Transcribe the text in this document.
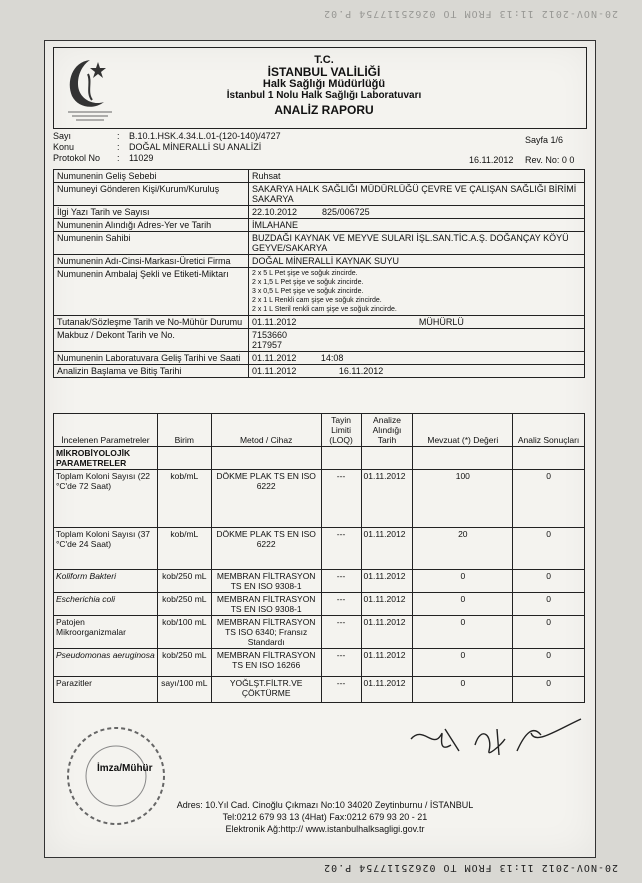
20-NOV-2012 11:13 FROM TO 02625117754 P.02
T.C.
İSTANBUL VALİLİĞİ
Halk Sağlığı Müdürlüğü
İstanbul 1 Nolu Halk Sağlığı Laboratuvarı
ANALİZ RAPORU
Sayı	: B.10.1.HSK.4.34.L.01-(120-140)/4727
Konu	: DOĞAL MİNERALLİ SU ANALİZİ
Protokol No	: 11029	16.11.2012
Sayfa 1/6
Rev. No: 0 0
Numunenin Geliş Sebebi	Ruhsat
Numuneyi Gönderen Kişi/Kurum/Kuruluş	SAKARYA HALK SAĞLIĞI MÜDÜRLÜĞÜ ÇEVRE VE ÇALIŞAN SAĞLIĞI BİRİMİ SAKARYA
İlgi Yazı Tarih ve Sayısı	22.10.2012          825/006725
Numunenin Alındığı Adres-Yer ve Tarih	İMLAHANE
Numunenin Sahibi	BUZDAĞI KAYNAK VE MEYVE SULARI İŞL.SAN.TİC.A.Ş. DOĞANÇAY KÖYÜ GEYVE/SAKARYA
Numunenin Adı-Cinsi-Markası-Üretici Firma	DOĞAL MİNERALLİ KAYNAK SUYU
Numunenin Ambalaj Şekli ve Etiketi-Miktarı	2 x 5 L Pet şişe ve soğuk zincirde.
2 x 1,5 L Pet şişe ve soğuk zincirde.
3 x 0,5 L Pet şişe ve soğuk zincirde.
2 x 1 L Renkli cam şişe ve soğuk zincirde.
2 x 1 L Steril renkli cam şişe ve soğuk zincirde.

Tutanak/Sözleşme Tarih ve No-Mühür Durumu	01.11.2012 MÜHÜRLÜ
Makbuz / Dekont Tarih ve No.	7153660
217957

Numunenin Laboratuvara Geliş Tarihi ve Saati	01.11.2012 14:08
Analizin Başlama ve Bitiş Tarihi	01.11.2012 16.11.2012
İncelenen Parametreler	Birim	Metod / Cihaz	Tayin Limiti (LOQ)	Analize Alındığı Tarih	Mevzuat (*) Değeri	Analiz Sonuçları
MİKROBİYOLOJİK PARAMETRELER						
Toplam Koloni Sayısı (22 °C'de 72 Saat)	kob/mL	DÖKME PLAK TS EN ISO 6222	---	01.11.2012	100	0
Toplam Koloni Sayısı (37 °C'de 24 Saat)	kob/mL	DÖKME PLAK TS EN ISO 6222	---	01.11.2012	20	0
Koliform Bakteri	kob/250 mL	MEMBRAN FİLTRASYON TS EN ISO 9308-1	---	01.11.2012	0	0
Escherichia coli	kob/250 mL	MEMBRAN FİLTRASYON TS EN ISO 9308-1	---	01.11.2012	0	0
Patojen Mikroorganizmalar	kob/100 mL	MEMBRAN FİLTRASYON TS ISO 6340; Fransız Standardı	---	01.11.2012	0	0
Pseudomonas aeruginosa	kob/250 mL	MEMBRAN FİLTRASYON TS EN ISO 16266	---	01.11.2012	0	0
Parazitler	sayı/100 mL	YOĞLŞT.FİLTR.VE ÇÖKTÜRME	---	01.11.2012	0	0
İmza/Mühür
Adres: 10.Yıl Cad. Cinoğlu Çıkmazı No:10 34020 Zeytinburnu / İSTANBUL
Tel:0212 679 93 13 (4Hat) Fax:0212 679 93 20 - 21
Elektronik Ağ:http:// www.istanbulhalksagligi.gov.tr
20-NOV-2012 11:13 FROM TO 02625117754 P.02
